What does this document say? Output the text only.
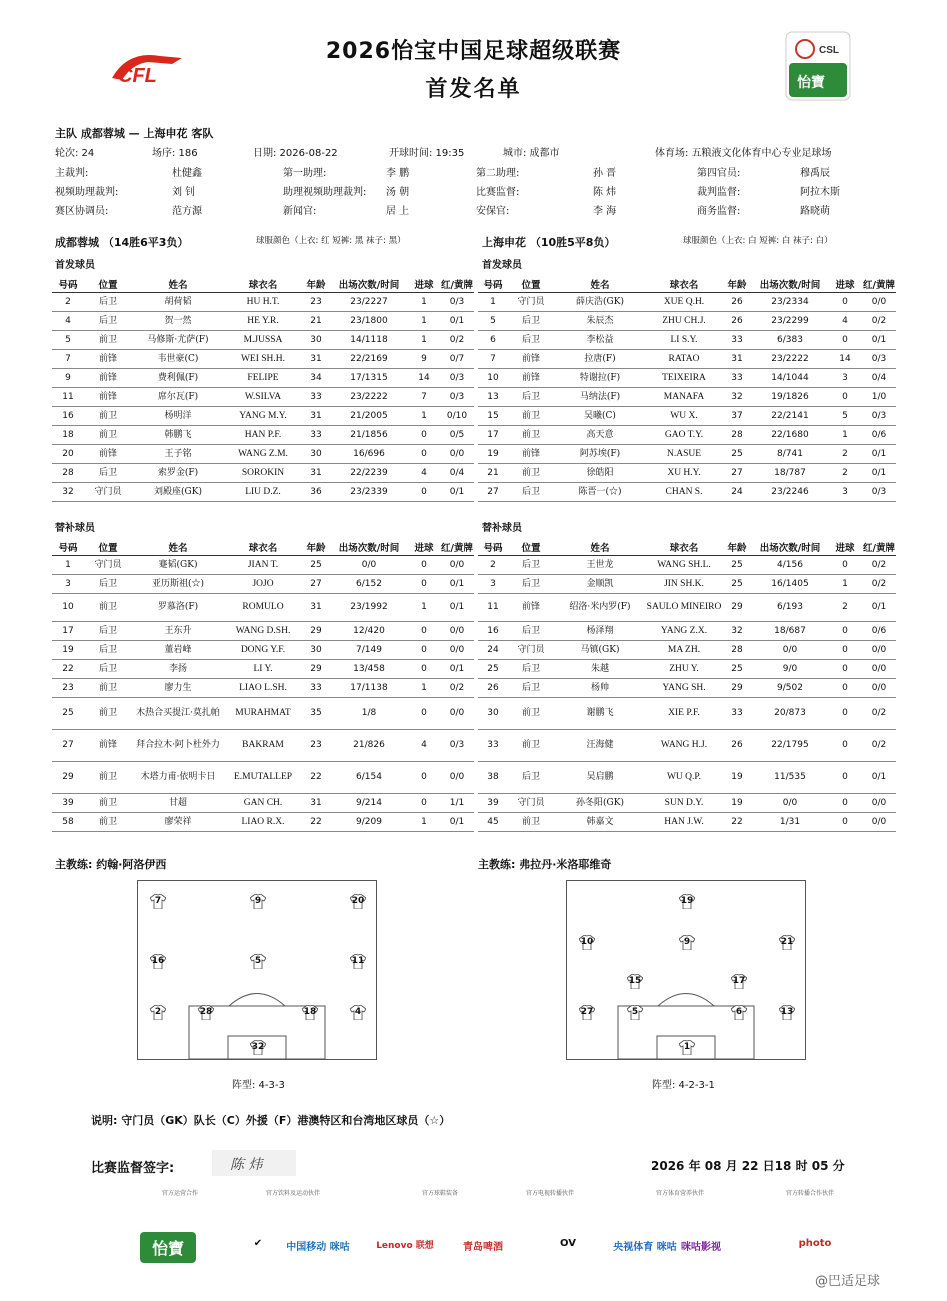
CFL
2026怡宝中国足球超级联赛
首发名单
CSL
怡寶
主队 成都蓉城 — 上海申花 客队
轮次: 24	场序: 186	日期: 2026-08-22	开球时间: 19:35	城市: 成都市	体育场: 五粮液文化体育中心专业足球场
主裁判:	杜健鑫	第一助理:	李 鹏	第二助理:	孙 晋	第四官员:	穆禹辰
视频助理裁判:	刘 钊	助理视频助理裁判: 汤 朝	比赛监督:	陈 炜	裁判监督:	阿拉木斯
赛区协调员:	范方源	新闻官:	居 上	安保官:	李 海	商务监督:	路晓萌
成都蓉城 （14胜6平3负）	球服颜色（上衣: 红 短裤: 黑 袜子: 黑）	上海申花 （10胜5平8负）	球服颜色（上衣: 白 短裤: 白 袜子: 白）
首发球员	首发球员
号码	位置	姓名	球衣名	年龄	出场次数/时间	进球	红/黄牌
2	后卫	胡荷韬	HU H.T.	23	23/2227	1	0/3
4	后卫	贺一然	HE Y.R.	21	23/1800	1	0/1
5	前卫	马修斯·尤萨(F)	M.JUSSA	30	14/1118	1	0/2
7	前锋	韦世豪(C)	WEI SH.H.	31	22/2169	9	0/7
9	前锋	费利佩(F)	FELIPE	34	17/1315	14	0/3
11	前锋	席尔瓦(F)	W.SILVA	33	23/2222	7	0/3
16	前卫	杨明洋	YANG M.Y.	31	21/2005	1	0/10
18	前卫	韩鹏飞	HAN P.F.	33	21/1856	0	0/5
20	前锋	王子铭	WANG Z.M.	30	16/696	0	0/0
28	后卫	索罗金(F)	SOROKIN	31	22/2239	4	0/4
32	守门员	刘殿座(GK)	LIU D.Z.	36	23/2339	0	0/1
号码	位置	姓名	球衣名	年龄	出场次数/时间	进球	红/黄牌
1	守门员	薛庆浩(GK)	XUE Q.H.	26	23/2334	0	0/0
5	后卫	朱辰杰	ZHU CH.J.	26	23/2299	4	0/2
6	后卫	李松益	LI S.Y.	33	6/383	0	0/1
7	前锋	拉唐(F)	RATAO	31	23/2222	14	0/3
10	前锋	特谢拉(F)	TEIXEIRA	33	14/1044	3	0/4
13	后卫	马纳法(F)	MANAFA	32	19/1826	0	1/0
15	前卫	吴曦(C)	WU X.	37	22/2141	5	0/3
17	前卫	高天意	GAO T.Y.	28	22/1680	1	0/6
19	前锋	阿苏埃(F)	N.ASUE	25	8/741	2	0/1
21	前卫	徐皓阳	XU H.Y.	27	18/787	2	0/1
27	后卫	陈晋一(☆)	CHAN S.	24	23/2246	3	0/3
替补球员	替补球员
号码	位置	姓名	球衣名	年龄	出场次数/时间	进球	红/黄牌
1	守门员	蹇韬(GK)	JIAN T.	25	0/0	0	0/0
3	后卫	亚历斯祖(☆)	JOJO	27	6/152	0	0/1
10	前卫	罗慕洛(F)	ROMULO	31	23/1992	1	0/1
17	后卫	王东升	WANG D.SH.	29	12/420	0	0/0
19	后卫	董岩峰	DONG Y.F.	30	7/149	0	0/0
22	后卫	李扬	LI Y.	29	13/458	0	0/1
23	前卫	廖力生	LIAO L.SH.	33	17/1138	1	0/2
25	前卫	木热合买提江·莫扎帕	MURAHMAT	35	1/8	0	0/0
27	前锋	拜合拉木·阿卜杜外力	BAKRAM	23	21/826	4	0/3
29	前卫	木塔力甫·依明卡日	E.MUTALLEP	22	6/154	0	0/0
39	前卫	甘超	GAN CH.	31	9/214	0	1/1
58	前卫	廖荣祥	LIAO R.X.	22	9/209	1	0/1
号码	位置	姓名	球衣名	年龄	出场次数/时间	进球	红/黄牌
2	后卫	王世龙	WANG SH.L.	25	4/156	0	0/2
3	后卫	金顺凯	JIN SH.K.	25	16/1405	1	0/2
11	前锋	绍洛·米内罗(F)	SAULO MINEIRO	29	6/193	2	0/1
16	后卫	杨泽翔	YANG Z.X.	32	18/687	0	0/6
24	守门员	马镇(GK)	MA ZH.	28	0/0	0	0/0
25	后卫	朱越	ZHU Y.	25	9/0	0	0/0
26	后卫	杨帅	YANG SH.	29	9/502	0	0/0
30	前卫	谢鹏飞	XIE P.F.	33	20/873	0	0/2
33	前卫	汪海健	WANG H.J.	26	22/1795	0	0/2
38	后卫	吴启鹏	WU Q.P.	19	11/535	0	0/1
39	守门员	孙冬阳(GK)	SUN D.Y.	19	0/0	0	0/0
45	前卫	韩嘉文	HAN J.W.	22	1/31	0	0/0
主教练: 约翰·阿洛伊西	主教练: 弗拉丹·米洛耶维奇
7	9	20
16	5	11
2	28	18	4
32
19
10	9	21
15	17
27	5	6	13
1
阵型: 4-3-3	阵型: 4-2-3-1
说明: 守门员（GK）队长（C）外援（F）港澳特区和台湾地区球员（☆）
比赛监督签字:	陈 炜	2026 年 08 月 22 日18 时 05 分
官方运营合作	官方饮料及运动伙伴	官方球鞋装备	官方电视转播伙伴	官方体育营养伙伴	官方转播合作伙伴
怡寶	✔	中国移动 咪咕	Lenovo 联想	青岛啤酒	OV	央视体育 咪咕 咪咕影视	photo
@巴适足球
